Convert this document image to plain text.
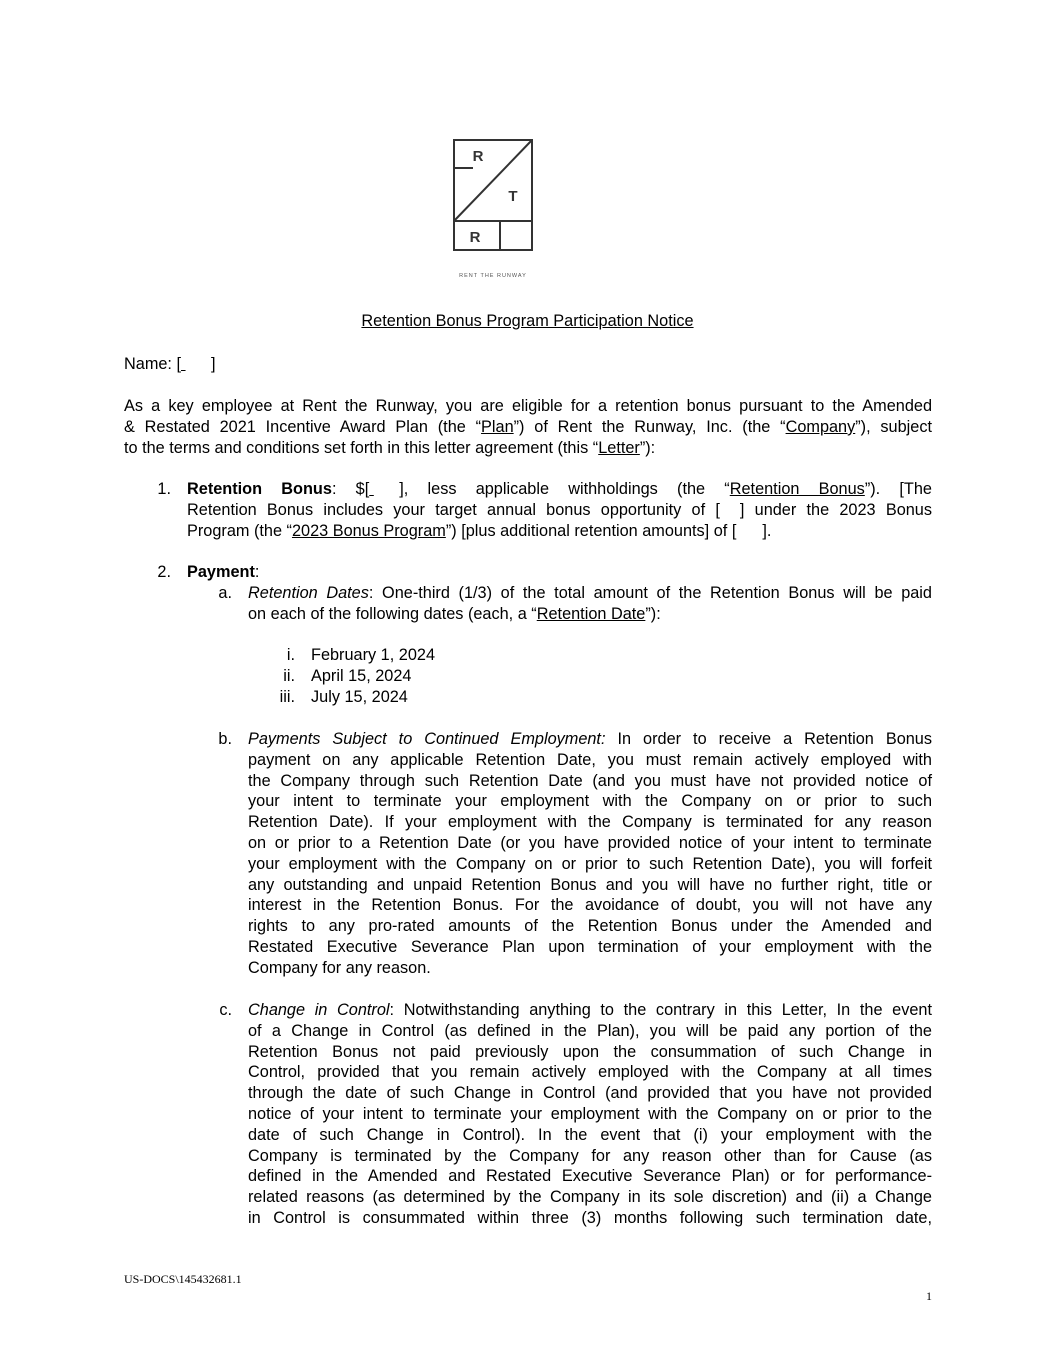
R
T
R
RENT THE RUNWAY
Retention Bonus Program Participation Notice
Name: [ ]
As a key employee at Rent the Runway, you are eligible for a retention bonus pursuant to the Amended
& Restated 2021 Incentive Award Plan (the “Plan”) of Rent the Runway, Inc. (the “Company”), subject
to the terms and conditions set forth in this letter agreement (this “Letter”):
1. Retention Bonus: $[ ], less applicable withholdings (the “Retention Bonus”). [The
Retention Bonus includes your target annual bonus opportunity of [ ] under the 2023 Bonus
Program (the “2023 Bonus Program”) [plus additional retention amounts] of [ ].
2. Payment:
a. Retention Dates: One-third (1/3) of the total amount of the Retention Bonus will be paid
on each of the following dates (each, a “Retention Date”):
i. February 1, 2024
ii. April 15, 2024
iii. July 15, 2024
b. Payments Subject to Continued Employment: In order to receive a Retention Bonus
payment on any applicable Retention Date, you must remain actively employed with
the Company through such Retention Date (and you must have not provided notice of
your intent to terminate your employment with the Company on or prior to such
Retention Date). If your employment with the Company is terminated for any reason
on or prior to a Retention Date (or you have provided notice of your intent to terminate
your employment with the Company on or prior to such Retention Date), you will forfeit
any outstanding and unpaid Retention Bonus and you will have no further right, title or
interest in the Retention Bonus. For the avoidance of doubt, you will not have any
rights to any pro-rated amounts of the Retention Bonus under the Amended and
Restated Executive Severance Plan upon termination of your employment with the
Company for any reason.
c. Change in Control: Notwithstanding anything to the contrary in this Letter, In the event
of a Change in Control (as defined in the Plan), you will be paid any portion of the
Retention Bonus not paid previously upon the consummation of such Change in
Control, provided that you remain actively employed with the Company at all times
through the date of such Change in Control (and provided that you have not provided
notice of your intent to terminate your employment with the Company on or prior to the
date of such Change in Control). In the event that (i) your employment with the
Company is terminated by the Company for any reason other than for Cause (as
defined in the Amended and Restated Executive Severance Plan) or for performance-
related reasons (as determined by the Company in its sole discretion) and (ii) a Change
in Control is consummated within three (3) months following such termination date,
US-DOCS\145432681.1
1
